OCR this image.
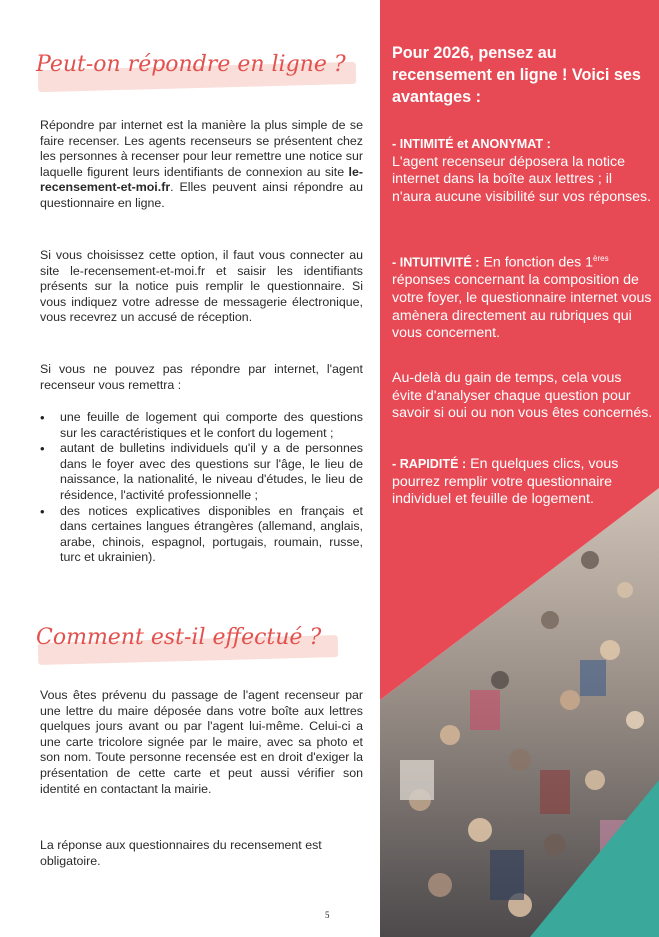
Peut-on répondre en ligne ?
Répondre par internet est la manière la plus simple de se faire recenser. Les agents recenseurs se présentent chez les personnes à recenser pour leur remettre une notice sur laquelle figurent leurs identifiants de connexion au site le-recensement-et-moi.fr. Elles peuvent ainsi répondre au questionnaire en ligne.
Si vous choisissez cette option, il faut vous connecter au site le-recensement-et-moi.fr et saisir les identifiants présents sur la notice puis remplir le questionnaire. Si vous indiquez votre adresse de messagerie électronique, vous recevrez un accusé de réception.
Si vous ne pouvez pas répondre par internet, l'agent recenseur vous remettra :
• une feuille de logement qui comporte des questions sur les caractéristiques et le confort du logement ;
• autant de bulletins individuels qu'il y a de personnes dans le foyer avec des questions sur l'âge, le lieu de naissance, la nationalité, le niveau d'études, le lieu de résidence, l'activité professionnelle ;
• des notices explicatives disponibles en français et dans certaines langues étrangères (allemand, anglais, arabe, chinois, espagnol, portugais, roumain, russe, turc et ukrainien).
Comment est-il effectué ?
Vous êtes prévenu du passage de l'agent recenseur par une lettre du maire déposée dans votre boîte aux lettres quelques jours avant ou par l'agent lui-même. Celui-ci a une carte tricolore signée par le maire, avec sa photo et son nom. Toute personne recensée est en droit d'exiger la présentation de cette carte et peut aussi vérifier son identité en contactant la mairie.
La réponse aux questionnaires du recensement est obligatoire.
5
Pour 2026, pensez au recensement en ligne ! Voici ses avantages :
- INTIMITÉ et ANONYMAT :
L'agent recenseur déposera la notice internet dans la boîte aux lettres ; il n'aura aucune visibilité sur vos réponses.
- INTUITIVITÉ : En fonction des 1ères réponses concernant la composition de votre foyer, le questionnaire internet vous amènera directement au rubriques qui vous concernent.
Au-delà du gain de temps, cela vous évite d'analyser chaque question pour savoir si oui ou non vous êtes concernés.
- RAPIDITÉ : En quelques clics, vous pourrez remplir votre questionnaire individuel et feuille de logement.
